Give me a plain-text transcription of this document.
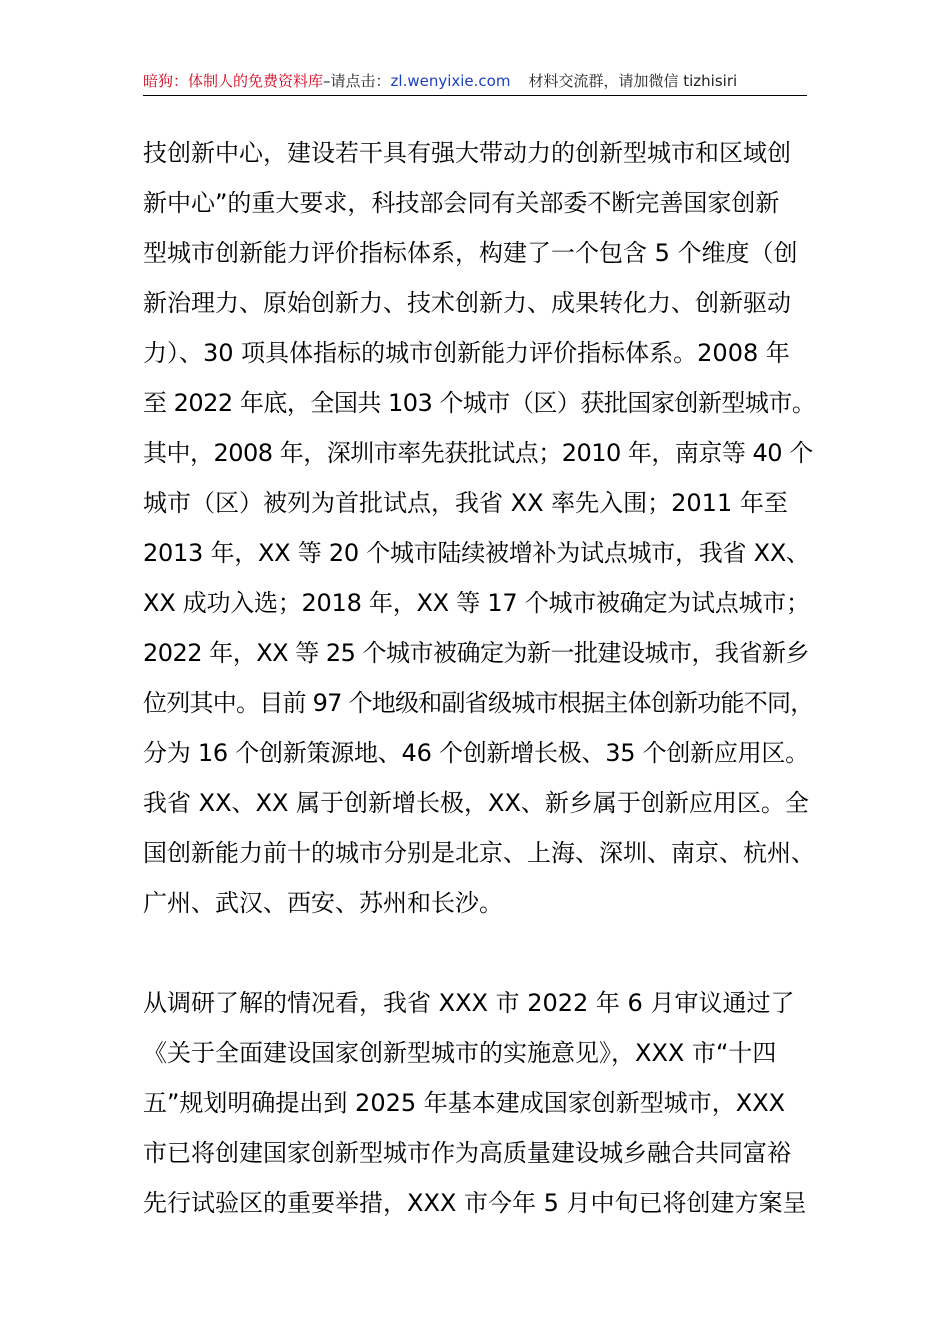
暗狗：体制人的免费资料库–请点击：zl.wenyixie.com 材料交流群，请加微信 tizhisiri
技创新中心，建设若干具有强大带动力的创新型城市和区域创
新中心”的重大要求，科技部会同有关部委不断完善国家创新
型城市创新能力评价指标体系，构建了一个包含 5 个维度（创
新治理力、原始创新力、技术创新力、成果转化力、创新驱动
力）、30 项具体指标的城市创新能力评价指标体系。2008 年
至 2022 年底，全国共 103 个城市（区）获批国家创新型城市。
其中，2008 年，深圳市率先获批试点；2010 年，南京等 40 个
城市（区）被列为首批试点，我省 XX 率先入围；2011 年至
2013 年，XX 等 20 个城市陆续被增补为试点城市，我省 XX、
XX 成功入选；2018 年，XX 等 17 个城市被确定为试点城市；
2022 年，XX 等 25 个城市被确定为新一批建设城市，我省新乡
位列其中。目前 97 个地级和副省级城市根据主体创新功能不同，
分为 16 个创新策源地、46 个创新增长极、35 个创新应用区。
我省 XX、XX 属于创新增长极，XX、新乡属于创新应用区。全
国创新能力前十的城市分别是北京、上海、深圳、南京、杭州、
广州、武汉、西安、苏州和长沙。
从调研了解的情况看，我省 XXX 市 2022 年 6 月审议通过了
《关于全面建设国家创新型城市的实施意见》，XXX 市“十四
五”规划明确提出到 2025 年基本建成国家创新型城市，XXX
市已将创建国家创新型城市作为高质量建设城乡融合共同富裕
先行试验区的重要举措，XXX 市今年 5 月中旬已将创建方案呈
